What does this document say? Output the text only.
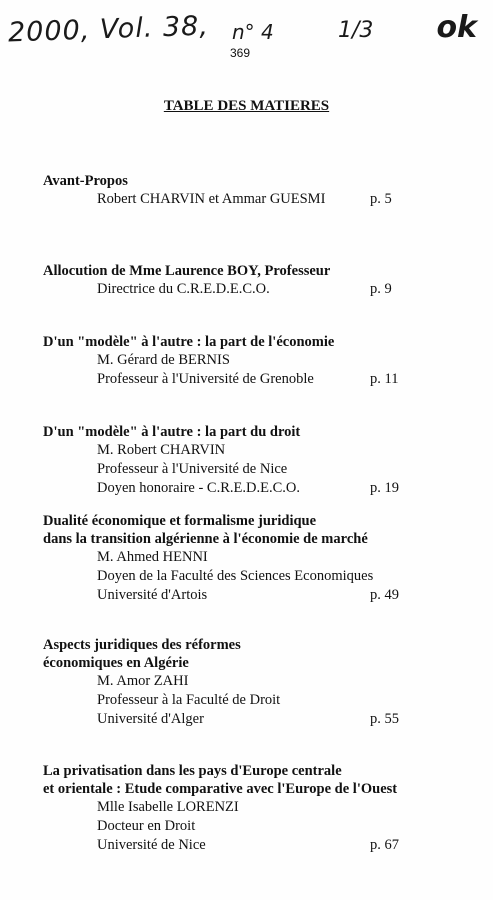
2000, Vol. 38, n° 4	1/3 ok
369
TABLE DES MATIERES
Avant-Propos
Robert CHARVIN et Ammar GUESMI	p. 5
Allocution de Mme Laurence BOY, Professeur
Directrice du C.R.E.D.E.C.O.	p. 9
D'un "modèle" à l'autre : la part de l'économie
M. Gérard de BERNIS
Professeur à l'Université de Grenoble	p. 11
D'un "modèle" à l'autre : la part du droit
M. Robert CHARVIN
Professeur à l'Université de Nice
Doyen honoraire - C.R.E.D.E.C.O.	p. 19
Dualité économique et formalisme juridique
dans la transition algérienne à l'économie de marché
M. Ahmed HENNI
Doyen de la Faculté des Sciences Economiques
Université d'Artois	p. 49
Aspects juridiques des réformes
économiques en Algérie
M. Amor ZAHI
Professeur à la Faculté de Droit
Université d'Alger	p. 55
La privatisation dans les pays d'Europe centrale
et orientale : Etude comparative avec l'Europe de l'Ouest
Mlle Isabelle LORENZI
Docteur en Droit
Université de Nice	p. 67
